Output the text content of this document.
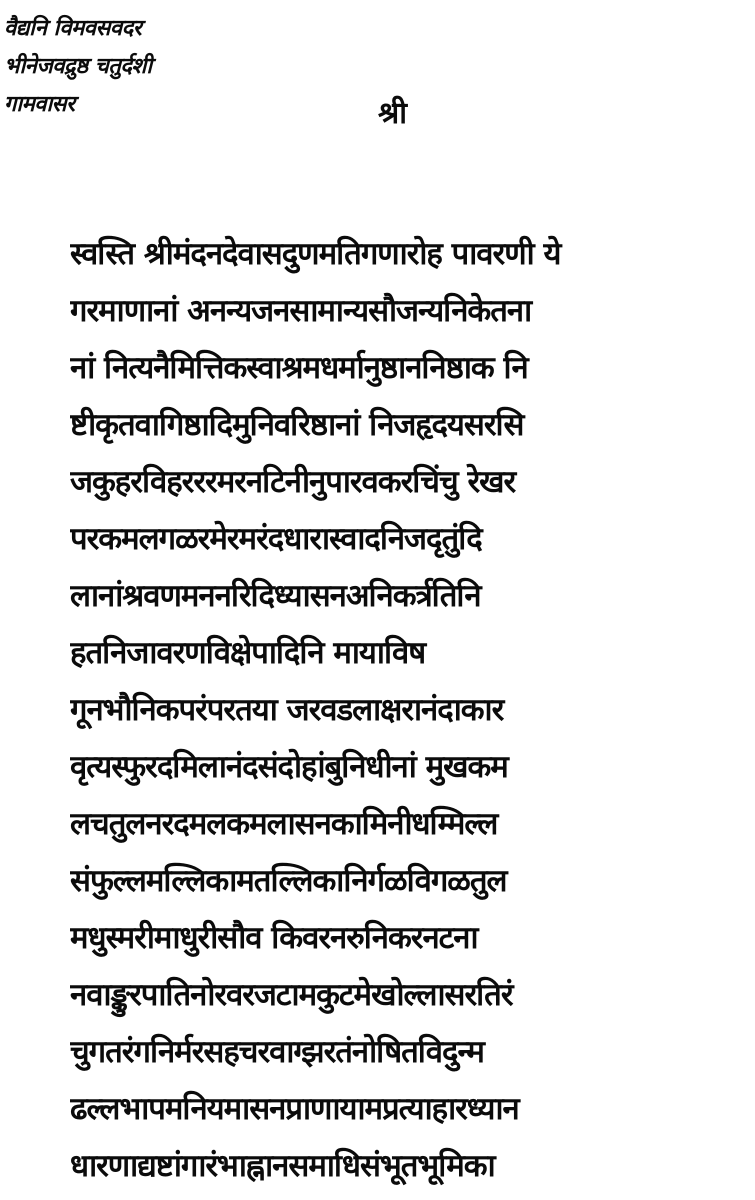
वैद्यनि विमवसवदर
भीनेजवद्रुष्ठ चतुर्दशी
गामवासर	श्री
स्वस्ति श्रीमंदनदेवासदुणमतिगणारोह पावरणी ये
गरमाणानां अनन्यजनसामान्यसौजन्यनिकेतना
नां नित्यनैमित्तिकस्वाश्रमधर्मानुष्ठाननिष्ठाक नि
ष्टीकृतवागिष्ठादिमुनिवरिष्ठानां निजहृदयसरसि
जकुहरविहरररमरनटिनीनुपारवकरचिंचु रेखर
परकमलगळरमेरमरंदधारास्वादनिजदृतुंदि
लानांश्रवणमननरिदिध्यासनअनिकर्त्रतिनि
हतनिजावरणविक्षेपादिनि मायाविष
गूनभौनिकपरंपरतया जरवडलाक्षरानंदाकार
वृत्यस्फुरदमिलानंदसंदोहांबुनिधीनां मुखकम
लचतुलनरदमलकमलासनकामिनीधम्मिल्ल
संफुल्लमल्लिकामतल्लिकानिर्गळविगळतुल
मधुस्मरीमाधुरीसौव किवरनरुनिकरनटना
नवाङ्कुरपातिनोरवरजटामकुटमेखोल्लासरतिरं
चुगतरंगनिर्मरसहचरवाग्झरतंनोषितविदुन्म
ढल्लभापमनियमासनप्राणायामप्रत्याहारध्यान
धारणाद्यष्टांगारंभाह्नानसमाधिसंभूतभूमिका
